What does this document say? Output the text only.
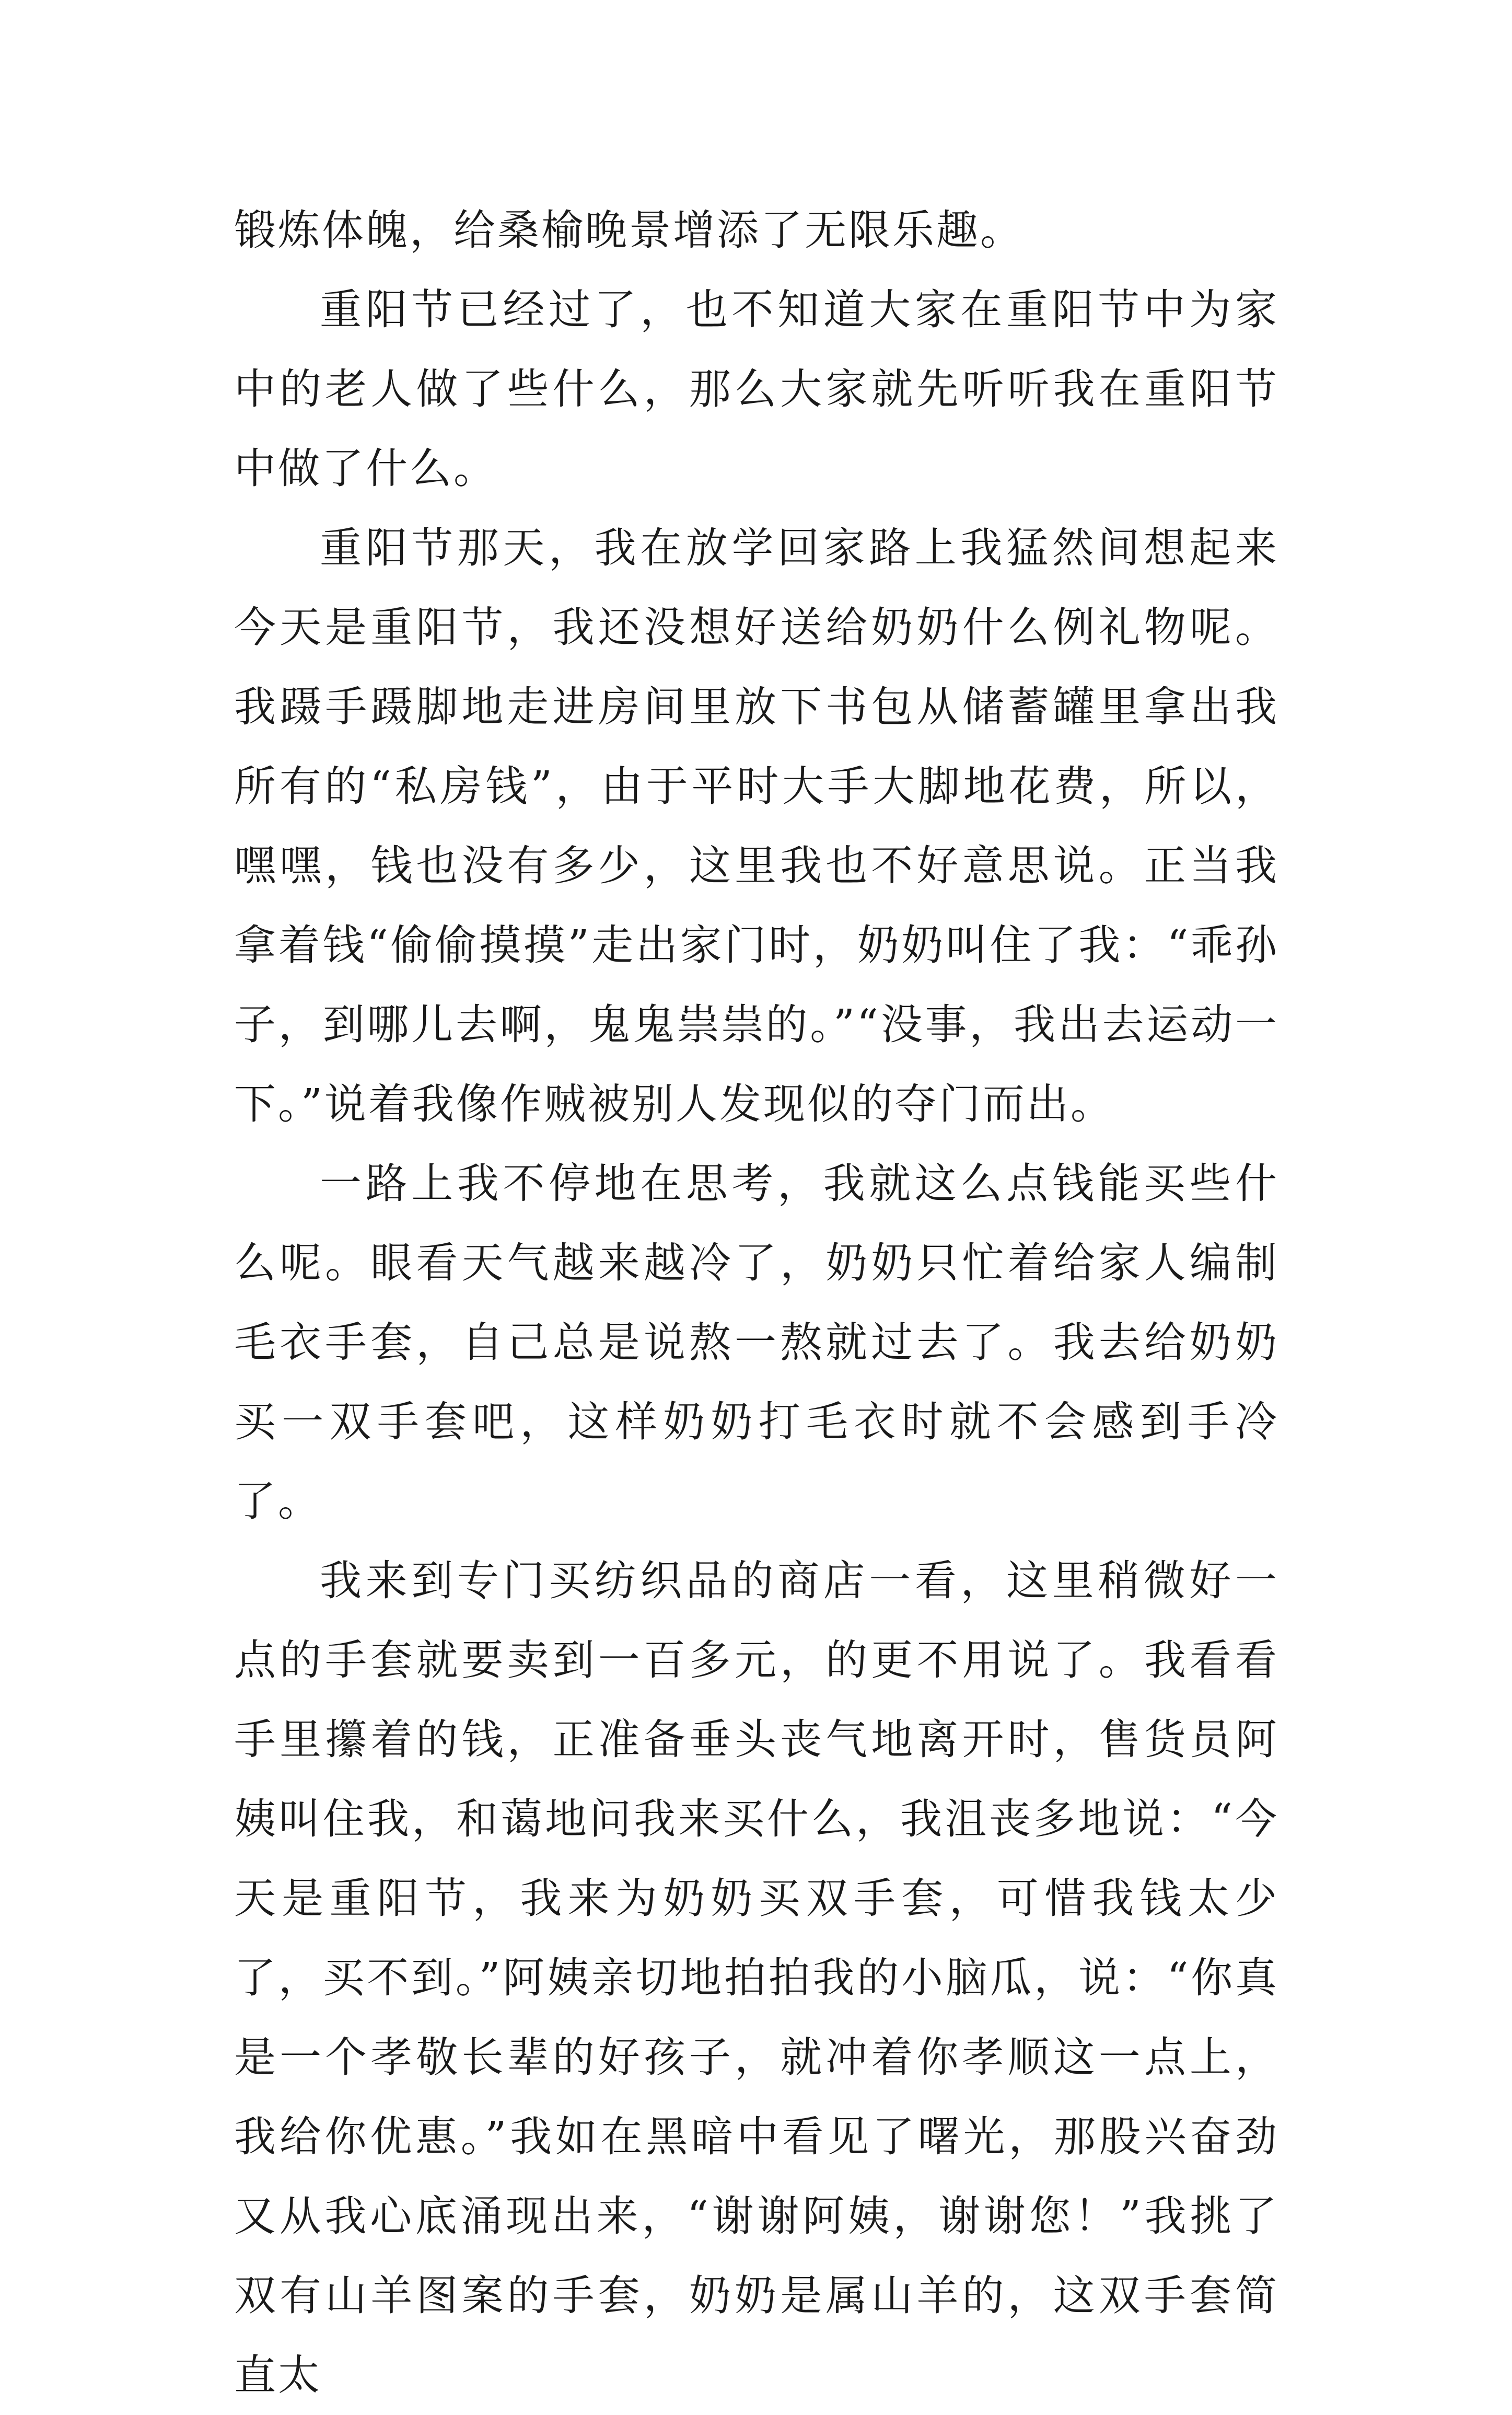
锻炼体魄，给桑榆晚景增添了无限乐趣。

重阳节已经过了，也不知道大家在重阳节中为家中的老人做了些什么，那么大家就先听听我在重阳节中做了什么。

重阳节那天，我在放学回家路上我猛然间想起来今天是重阳节，我还没想好送给奶奶什么例礼物呢。我蹑手蹑脚地走进房间里放下书包从储蓄罐里拿出我所有的“私房钱”，由于平时大手大脚地花费，所以，嘿嘿，钱也没有多少，这里我也不好意思说。正当我拿着钱“偷偷摸摸”走出家门时，奶奶叫住了我：“乖孙子，到哪儿去啊，鬼鬼祟祟的。”“没事，我出去运动一下。”说着我像作贼被别人发现似的夺门而出。

一路上我不停地在思考，我就这么点钱能买些什么呢。眼看天气越来越冷了，奶奶只忙着给家人编制毛衣手套，自己总是说熬一熬就过去了。我去给奶奶买一双手套吧，这样奶奶打毛衣时就不会感到手冷了。

我来到专门买纺织品的商店一看，这里稍微好一点的手套就要卖到一百多元，的更不用说了。我看看手里攥着的钱，正准备垂头丧气地离开时，售货员阿姨叫住我，和蔼地问我来买什么，我沮丧多地说：“今天是重阳节，我来为奶奶买双手套，可惜我钱太少了，买不到。”阿姨亲切地拍拍我的小脑瓜，说：“你真是一个孝敬长辈的好孩子，就冲着你孝顺这一点上，我给你优惠。”我如在黑暗中看见了曙光，那股兴奋劲又从我心底涌现出来，“谢谢阿姨，谢谢您！”我挑了双有山羊图案的手套，奶奶是属山羊的，这双手套简直太
